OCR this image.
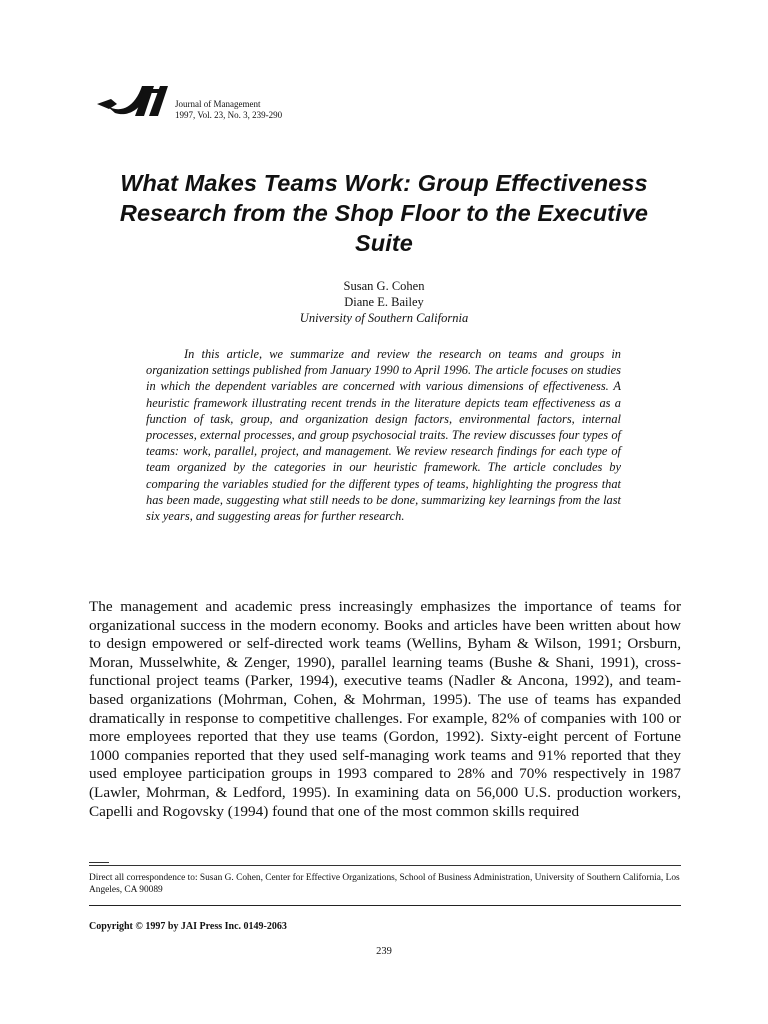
Journal of Management
1997, Vol. 23, No. 3, 239-290
What Makes Teams Work: Group Effectiveness Research from the Shop Floor to the Executive Suite
Susan G. Cohen
Diane E. Bailey
University of Southern California

In this article, we summarize and review the research on teams and groups in organization settings published from January 1990 to April 1996. The article focuses on studies in which the dependent variables are concerned with various dimensions of effectiveness. A heuristic framework illustrating recent trends in the literature depicts team effectiveness as a function of task, group, and organization design factors, environmental factors, internal processes, external processes, and group psychosocial traits. The review discusses four types of teams: work, parallel, project, and management. We review research findings for each type of team organized by the categories in our heuristic framework. The article concludes by comparing the variables studied for the different types of teams, highlighting the progress that has been made, suggesting what still needs to be done, summarizing key learnings from the last six years, and suggesting areas for further research.

The management and academic press increasingly emphasizes the importance of teams for organizational success in the modern economy. Books and articles have been written about how to design empowered or self-directed work teams (Wellins, Byham & Wilson, 1991; Orsburn, Moran, Musselwhite, & Zenger, 1990), parallel learning teams (Bushe & Shani, 1991), cross-functional project teams (Parker, 1994), executive teams (Nadler & Ancona, 1992), and team-based organizations (Mohrman, Cohen, & Mohrman, 1995). The use of teams has expanded dramatically in response to competitive challenges. For example, 82% of companies with 100 or more employees reported that they use teams (Gordon, 1992). Sixty-eight percent of Fortune 1000 companies reported that they used self-managing work teams and 91% reported that they used employee participation groups in 1993 compared to 28% and 70% respectively in 1987 (Lawler, Mohrman, & Ledford, 1995). In examining data on 56,000 U.S. production workers, Capelli and Rogovsky (1994) found that one of the most common skills required

Direct all correspondence to: Susan G. Cohen, Center for Effective Organizations, School of Business Administration, University of Southern California, Los Angeles, CA 90089

Copyright © 1997 by JAI Press Inc. 0149-2063
239
